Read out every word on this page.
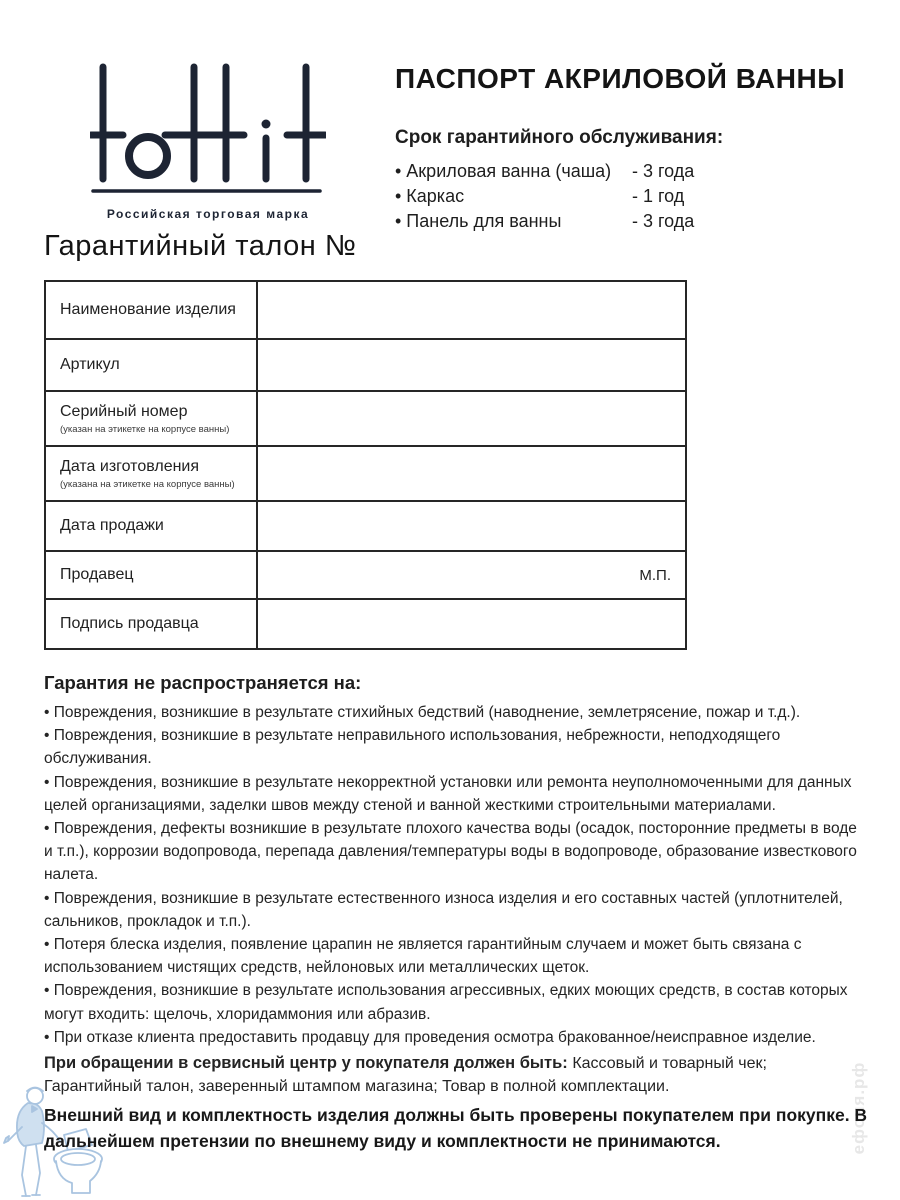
Российская торговая марка
ПАСПОРТ АКРИЛОВОЙ ВАННЫ
Срок гарантийного обслуживания:
• Акриловая ванна (чаша)	- 3 года
• Каркас	- 1 год
• Панель для ванны	- 3 года
Гарантийный талон №
Наименование изделия	

Артикул	

Серийный номер
(указан на этикетке на корпусе ванны)	

Дата изготовления
(указана на этикетке на корпусе ванны)	

Дата продажи	

Продавец	М.П.

Подпись продавца	

Гарантия не распространяется на:
• Повреждения, возникшие в результате стихийных бедствий (наводнение, землетрясение, пожар и т.д.).
• Повреждения, возникшие в результате неправильного использования, небрежности, неподходящего обслуживания.
• Повреждения, возникшие в результате некорректной установки или ремонта неуполномоченными для данных целей организациями, заделки швов между стеной и ванной жесткими строительными материалами.
• Повреждения, дефекты возникшие в результате плохого качества воды (осадок, посторонние предметы в воде и т.п.), коррозии водопровода, перепада давления/температуры воды в водопроводе, образование известкового налета.
• Повреждения, возникшие в результате естественного износа изделия и его составных частей (уплотнителей, сальников, прокладок и т.п.).
• Потеря блеска изделия, появление царапин не является гарантийным случаем и может быть связана с использованием чистящих средств, нейлоновых или металлических щеток.
• Повреждения, возникшие в результате использования агрессивных, едких моющих средств, в состав которых могут входить: щелочь, хлоридаммония или абразив.
• При отказе клиента предоставить продавцу для проведения осмотра бракованное/неисправное изделие.
При обращении в сервисный центр у покупателя должен быть: Кассовый и товарный чек; Гарантийный талон, заверенный штампом магазина; Товар в полной комплектации.
Внешний вид и комплектность изделия должны быть проверены покупателем при покупке. В дальнейшем претензии по внешнему виду и комплектности не принимаются.	ефоня.рф
